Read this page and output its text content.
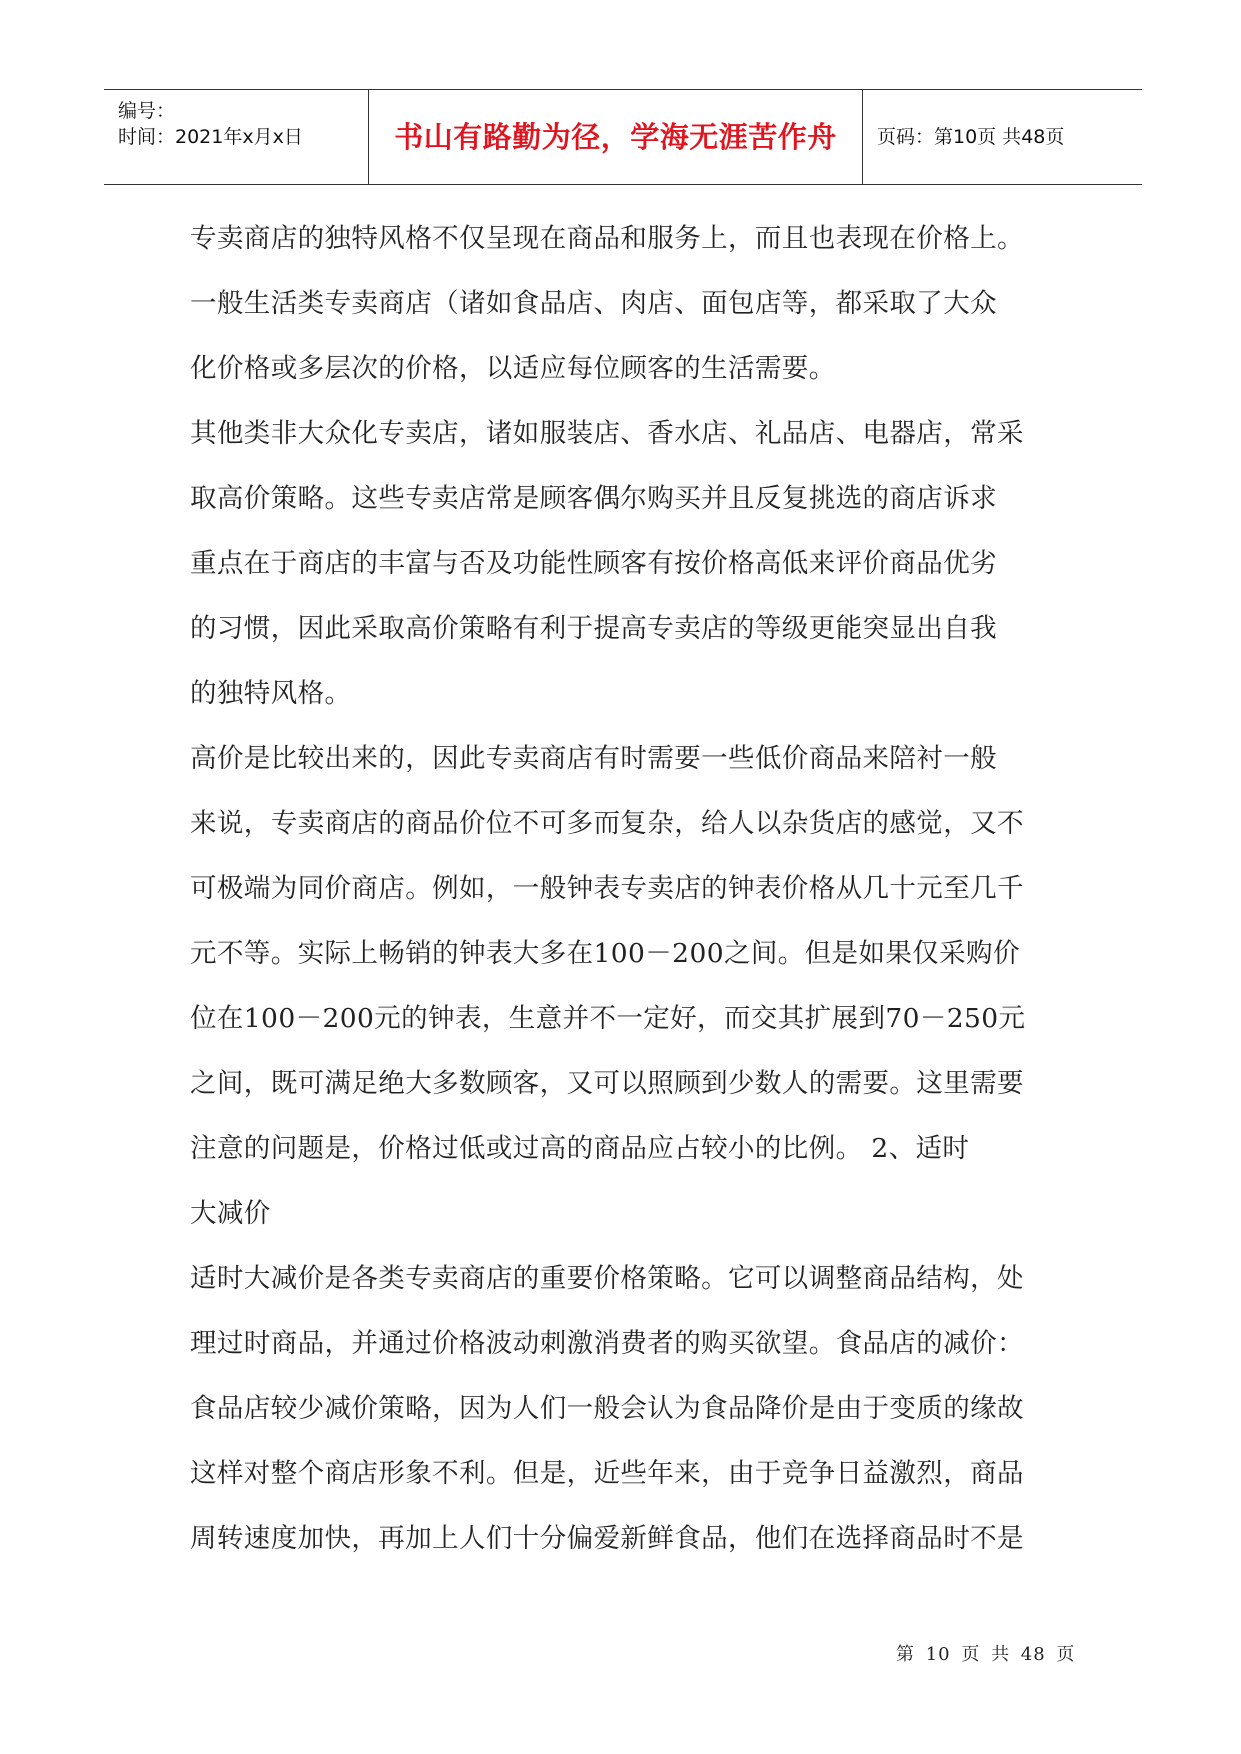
编号：
时间：2021年x月x日	书山有路勤为径，学海无涯苦作舟	页码：第10页 共48页
专卖商店的独特风格不仅呈现在商品和服务上，而且也表现在价格上。
一般生活类专卖商店（诸如食品店、肉店、面包店等，都采取了大众
化价格或多层次的价格，以适应每位顾客的生活需要。
其他类非大众化专卖店，诸如服装店、香水店、礼品店、电器店，常采
取高价策略。这些专卖店常是顾客偶尔购买并且反复挑选的商店诉求
重点在于商店的丰富与否及功能性顾客有按价格高低来评价商品优劣
的习惯，因此采取高价策略有利于提高专卖店的等级更能突显出自我
的独特风格。
高价是比较出来的，因此专卖商店有时需要一些低价商品来陪衬一般
来说，专卖商店的商品价位不可多而复杂，给人以杂货店的感觉，又不
可极端为同价商店。例如，一般钟表专卖店的钟表价格从几十元至几千
元不等。实际上畅销的钟表大多在100－200之间。但是如果仅采购价
位在100－200元的钟表，生意并不一定好，而交其扩展到70－250元
之间，既可满足绝大多数顾客，又可以照顾到少数人的需要。这里需要
注意的问题是，价格过低或过高的商品应占较小的比例。 2、适时
大减价
适时大减价是各类专卖商店的重要价格策略。它可以调整商品结构，处
理过时商品，并通过价格波动刺激消费者的购买欲望。食品店的减价：
食品店较少减价策略，因为人们一般会认为食品降价是由于变质的缘故
这样对整个商店形象不利。但是，近些年来，由于竞争日益激烈，商品
周转速度加快，再加上人们十分偏爱新鲜食品，他们在选择商品时不是
第 10 页 共 48 页
